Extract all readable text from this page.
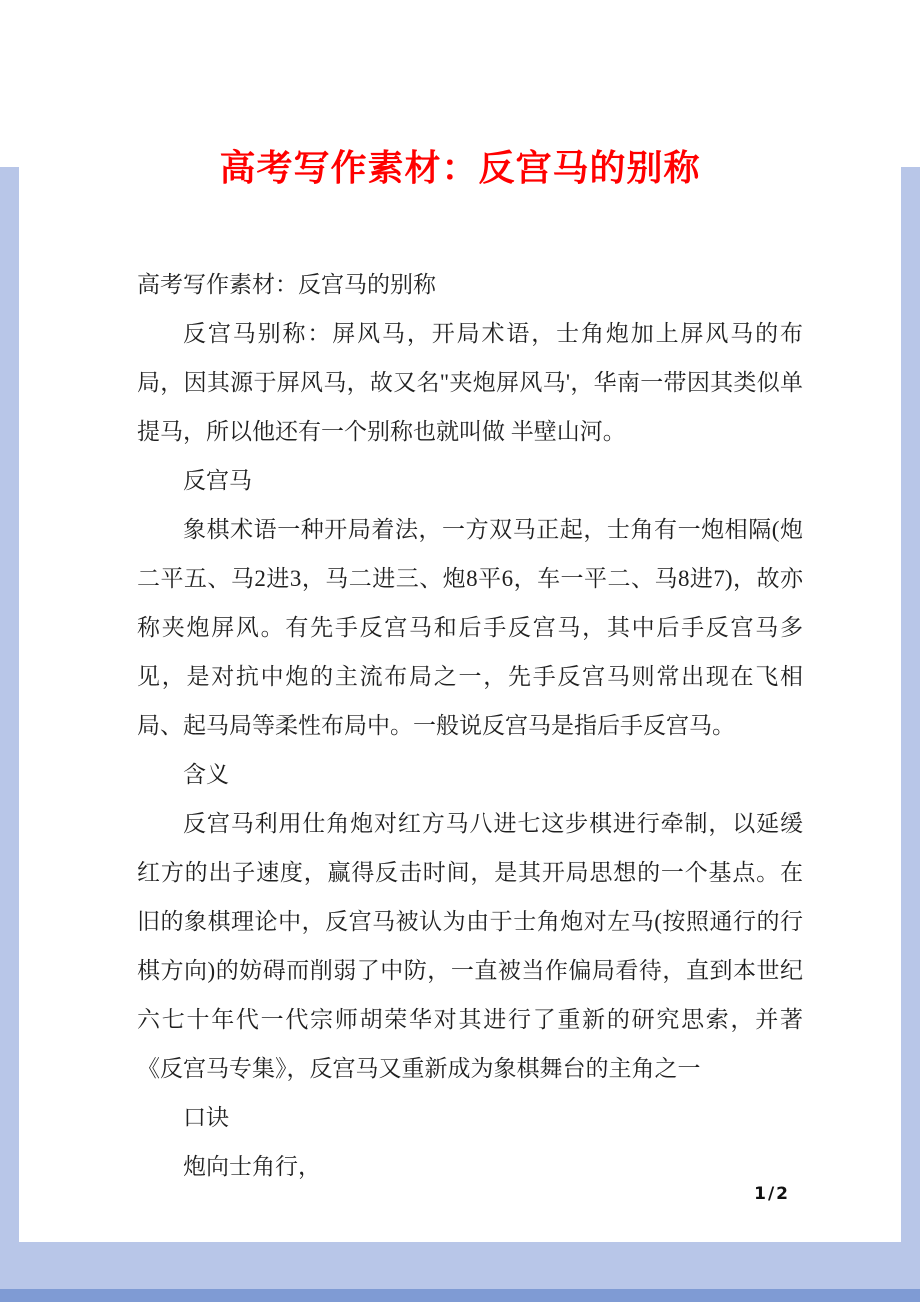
高考写作素材：反宫马的别称

高考写作素材：反宫马的别称

反宫马别称：屏风马，开局术语，士角炮加上屏风马的布局，因其源于屏风马，故又名"夹炮屏风马'，华南一带因其类似单提马，所以他还有一个别称也就叫做 半壁山河。

反宫马

象棋术语一种开局着法，一方双马正起，士角有一炮相隔(炮二平五、马2进3，马二进三、炮8平6，车一平二、马8进7)，故亦称夹炮屏风。有先手反宫马和后手反宫马，其中后手反宫马多见，是对抗中炮的主流布局之一，先手反宫马则常出现在飞相局、起马局等柔性布局中。一般说反宫马是指后手反宫马。

含义

反宫马利用仕角炮对红方马八进七这步棋进行牵制，以延缓红方的出子速度，赢得反击时间，是其开局思想的一个基点。在旧的象棋理论中，反宫马被认为由于士角炮对左马(按照通行的行棋方向)的妨碍而削弱了中防，一直被当作偏局看待，直到本世纪六七十年代一代宗师胡荣华对其进行了重新的研究思索，并著《反宫马专集》，反宫马又重新成为象棋舞台的主角之一

口诀

炮向士角行，

1/2
